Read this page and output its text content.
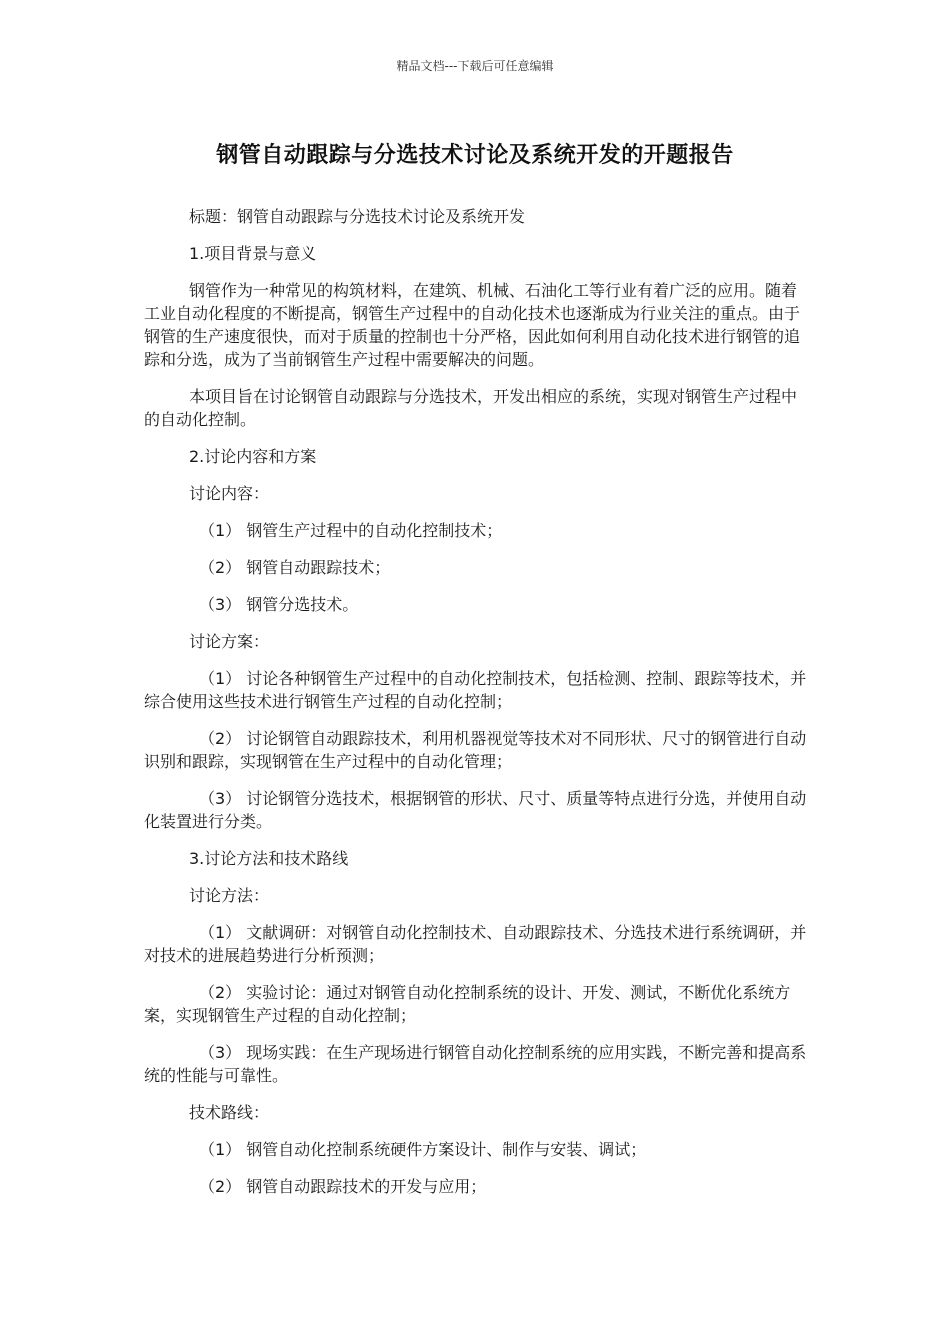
精品文档---下载后可任意编辑
钢管自动跟踪与分选技术讨论及系统开发的开题报告

标题：钢管自动跟踪与分选技术讨论及系统开发

1.项目背景与意义

钢管作为一种常见的构筑材料，在建筑、机械、石油化工等行业有着广泛的应用。随着工业自动化程度的不断提高，钢管生产过程中的自动化技术也逐渐成为行业关注的重点。由于钢管的生产速度很快，而对于质量的控制也十分严格，因此如何利用自动化技术进行钢管的追踪和分选，成为了当前钢管生产过程中需要解决的问题。

本项目旨在讨论钢管自动跟踪与分选技术，开发出相应的系统，实现对钢管生产过程中的自动化控制。

2.讨论内容和方案

讨论内容：

（1） 钢管生产过程中的自动化控制技术；

（2） 钢管自动跟踪技术；

（3） 钢管分选技术。

讨论方案：

（1） 讨论各种钢管生产过程中的自动化控制技术，包括检测、控制、跟踪等技术，并综合使用这些技术进行钢管生产过程的自动化控制；

（2） 讨论钢管自动跟踪技术，利用机器视觉等技术对不同形状、尺寸的钢管进行自动识别和跟踪，实现钢管在生产过程中的自动化管理；

（3） 讨论钢管分选技术，根据钢管的形状、尺寸、质量等特点进行分选，并使用自动化装置进行分类。

3.讨论方法和技术路线

讨论方法：

（1） 文献调研：对钢管自动化控制技术、自动跟踪技术、分选技术进行系统调研，并对技术的进展趋势进行分析预测；

（2） 实验讨论：通过对钢管自动化控制系统的设计、开发、测试，不断优化系统方案，实现钢管生产过程的自动化控制；

（3） 现场实践：在生产现场进行钢管自动化控制系统的应用实践，不断完善和提高系统的性能与可靠性。

技术路线：

（1） 钢管自动化控制系统硬件方案设计、制作与安装、调试；

（2） 钢管自动跟踪技术的开发与应用；
